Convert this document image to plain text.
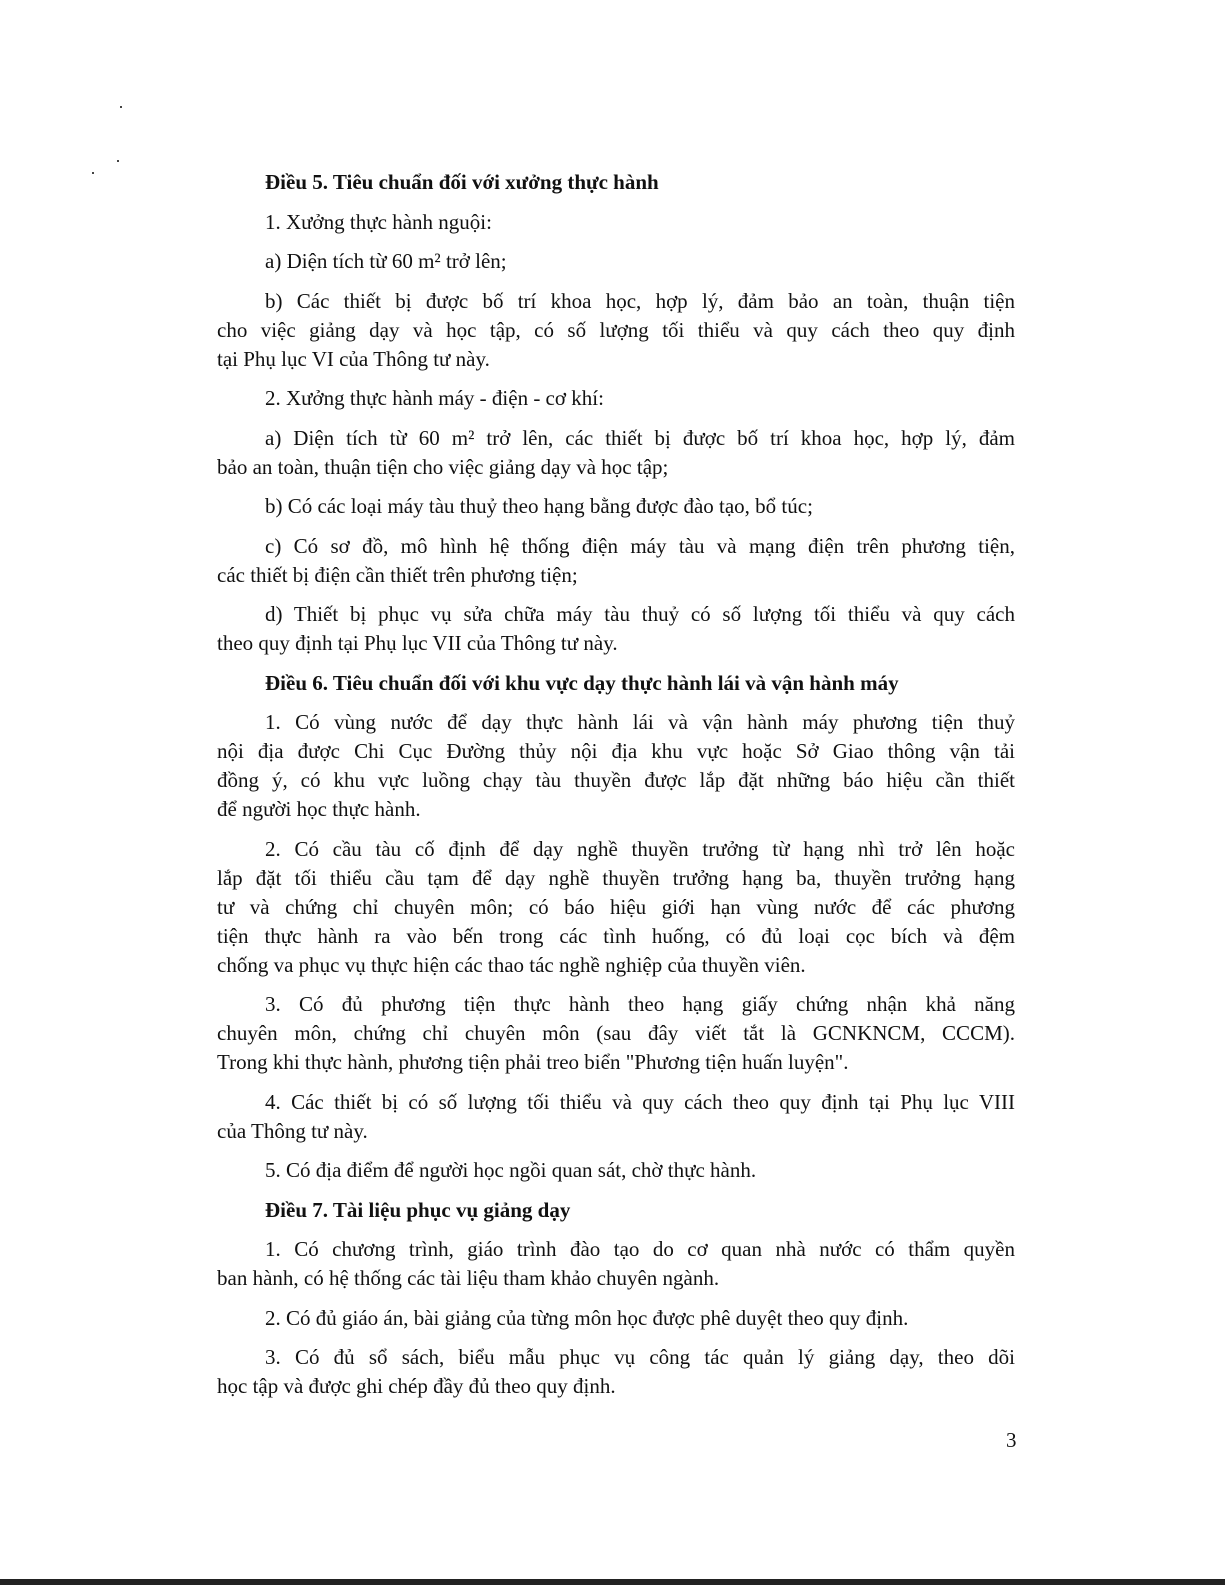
Điều 5. Tiêu chuẩn đối với xưởng thực hành
1. Xưởng thực hành nguội:
a) Diện tích từ 60 m² trở lên;
b) Các thiết bị được bố trí khoa học, hợp lý, đảm bảo an toàn, thuận tiện
cho việc giảng dạy và học tập, có số lượng tối thiểu và quy cách theo quy định
tại Phụ lục VI của Thông tư này.
2. Xưởng thực hành máy - điện - cơ khí:
a) Diện tích từ 60 m² trở lên, các thiết bị được bố trí khoa học, hợp lý, đảm
bảo an toàn, thuận tiện cho việc giảng dạy và học tập;
b) Có các loại máy tàu thuỷ theo hạng bằng được đào tạo, bổ túc;
c) Có sơ đồ, mô hình hệ thống điện máy tàu và mạng điện trên phương tiện,
các thiết bị điện cần thiết trên phương tiện;
d) Thiết bị phục vụ sửa chữa máy tàu thuỷ có số lượng tối thiểu và quy cách
theo quy định tại Phụ lục VII của Thông tư này.
Điều 6. Tiêu chuẩn đối với khu vực dạy thực hành lái và vận hành máy
1. Có vùng nước để dạy thực hành lái và vận hành máy phương tiện thuỷ
nội địa được Chi Cục Đường thủy nội địa khu vực hoặc Sở Giao thông vận tải
đồng ý, có khu vực luồng chạy tàu thuyền được lắp đặt những báo hiệu cần thiết
để người học thực hành.
2. Có cầu tàu cố định để dạy nghề thuyền trưởng từ hạng nhì trở lên hoặc
lắp đặt tối thiểu cầu tạm để dạy nghề thuyền trưởng hạng ba, thuyền trưởng hạng
tư và chứng chỉ chuyên môn; có báo hiệu giới hạn vùng nước để các phương
tiện thực hành ra vào bến trong các tình huống, có đủ loại cọc bích và đệm
chống va phục vụ thực hiện các thao tác nghề nghiệp của thuyền viên.
3. Có đủ phương tiện thực hành theo hạng giấy chứng nhận khả năng
chuyên môn, chứng chỉ chuyên môn (sau đây viết tắt là GCNKNCM, CCCM).
Trong khi thực hành, phương tiện phải treo biển "Phương tiện huấn luyện".
4. Các thiết bị có số lượng tối thiểu và quy cách theo quy định tại Phụ lục VIII
của Thông tư này.
5. Có địa điểm để người học ngồi quan sát, chờ thực hành.
Điều 7. Tài liệu phục vụ giảng dạy
1. Có chương trình, giáo trình đào tạo do cơ quan nhà nước có thẩm quyền
ban hành, có hệ thống các tài liệu tham khảo chuyên ngành.
2. Có đủ giáo án, bài giảng của từng môn học được phê duyệt theo quy định.
3. Có đủ sổ sách, biểu mẫu phục vụ công tác quản lý giảng dạy, theo dõi
học tập và được ghi chép đầy đủ theo quy định.
3
